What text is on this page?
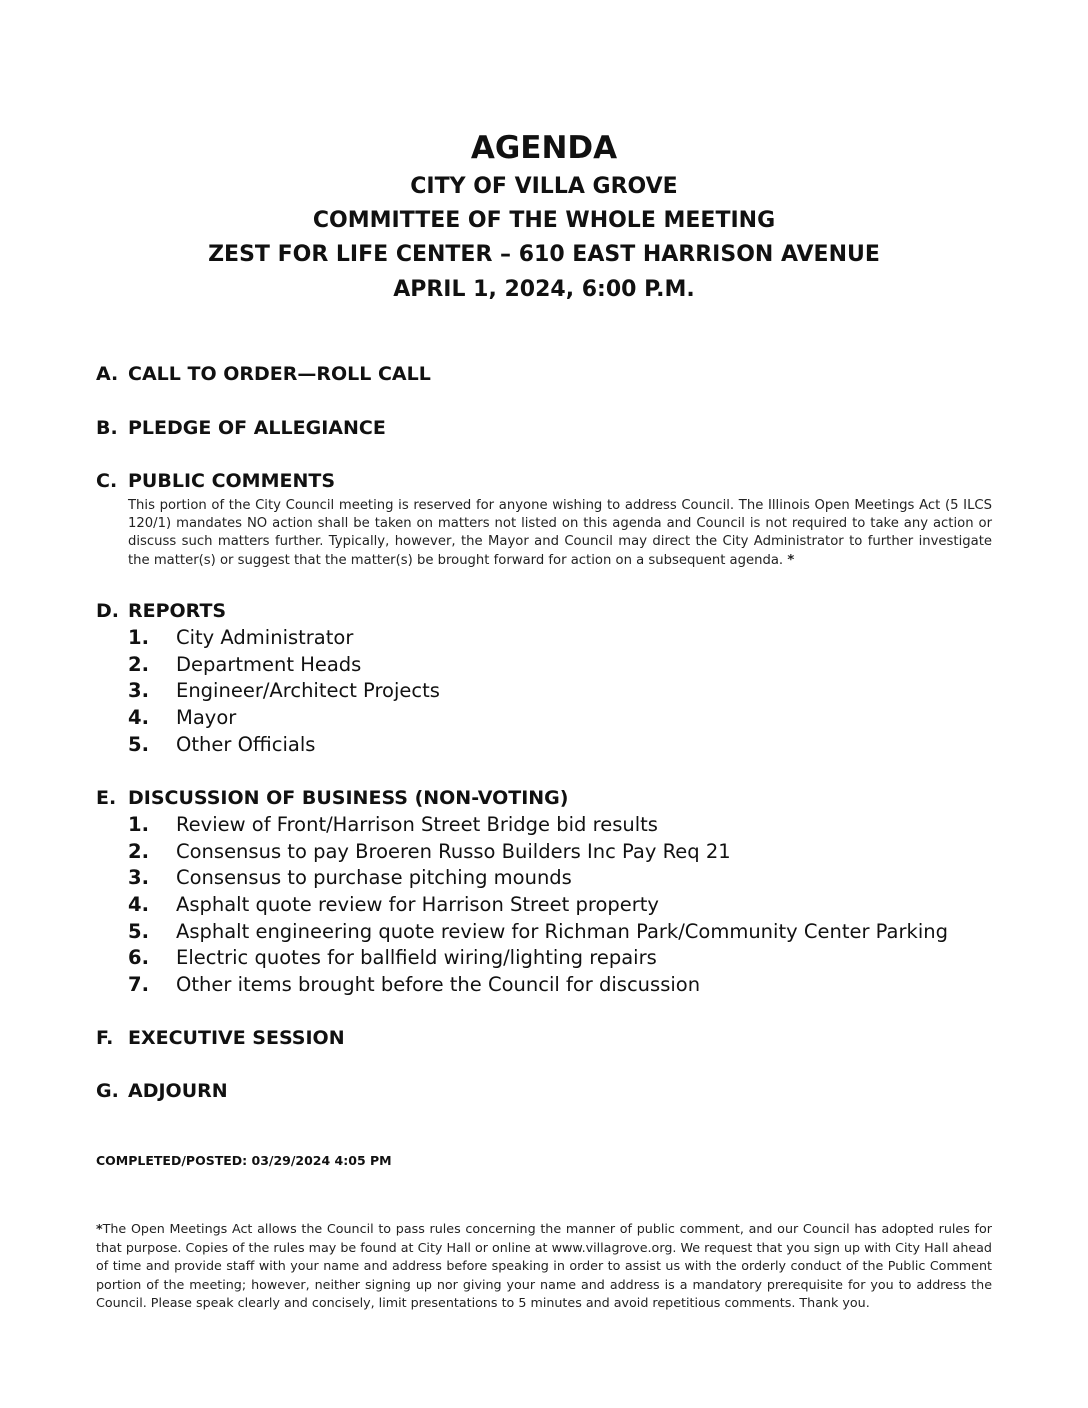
AGENDA
CITY OF VILLA GROVE
COMMITTEE OF THE WHOLE MEETING
ZEST FOR LIFE CENTER – 610 EAST HARRISON AVENUE
APRIL 1, 2024, 6:00 P.M.
A. CALL TO ORDER—ROLL CALL
B. PLEDGE OF ALLEGIANCE
C. PUBLIC COMMENTS
This portion of the City Council meeting is reserved for anyone wishing to address Council. The Illinois Open Meetings Act (5 ILCS 120/1) mandates NO action shall be taken on matters not listed on this agenda and Council is not required to take any action or discuss such matters further. Typically, however, the Mayor and Council may direct the City Administrator to further investigate the matter(s) or suggest that the matter(s) be brought forward for action on a subsequent agenda. *
D. REPORTS
1. City Administrator
2. Department Heads
3. Engineer/Architect Projects
4. Mayor
5. Other Officials
E. DISCUSSION OF BUSINESS (NON-VOTING)
1. Review of Front/Harrison Street Bridge bid results
2. Consensus to pay Broeren Russo Builders Inc Pay Req 21
3. Consensus to purchase pitching mounds
4. Asphalt quote review for Harrison Street property
5. Asphalt engineering quote review for Richman Park/Community Center Parking
6. Electric quotes for ballfield wiring/lighting repairs
7. Other items brought before the Council for discussion
F. EXECUTIVE SESSION
G. ADJOURN
COMPLETED/POSTED: 03/29/2024 4:05 PM
*The Open Meetings Act allows the Council to pass rules concerning the manner of public comment, and our Council has adopted rules for that purpose. Copies of the rules may be found at City Hall or online at www.villagrove.org. We request that you sign up with City Hall ahead of time and provide staff with your name and address before speaking in order to assist us with the orderly conduct of the Public Comment portion of the meeting; however, neither signing up nor giving your name and address is a mandatory prerequisite for you to address the Council. Please speak clearly and concisely, limit presentations to 5 minutes and avoid repetitious comments. Thank you.
